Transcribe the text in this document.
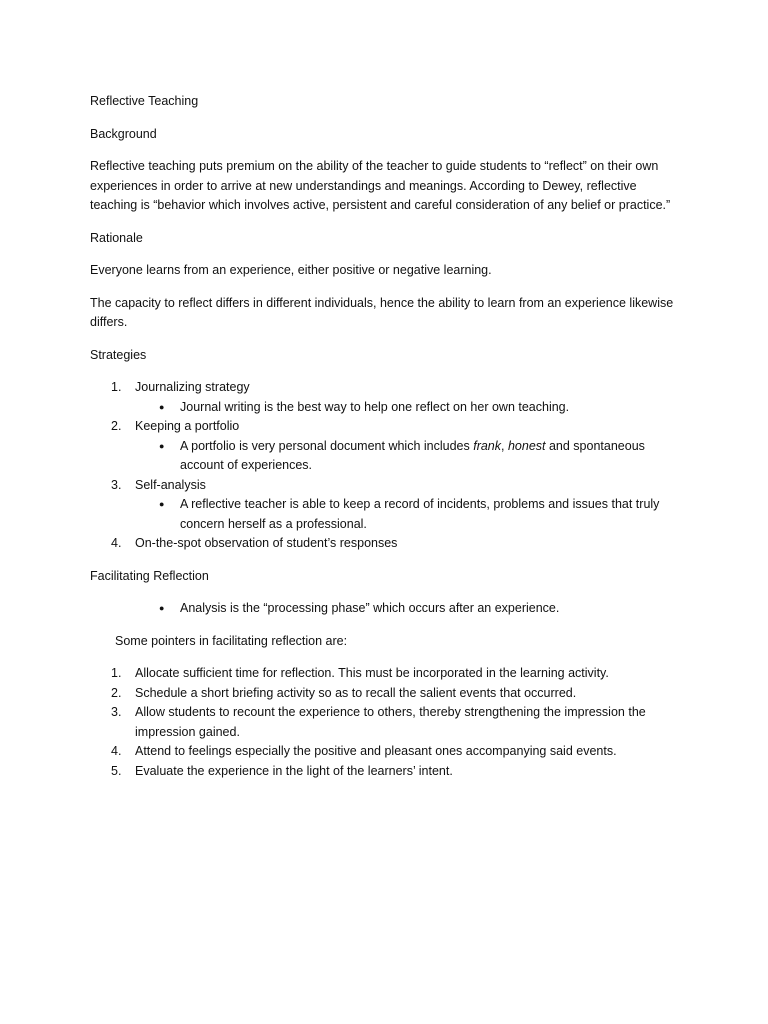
Reflective Teaching
Background

Reflective teaching puts premium on the ability of the teacher to guide students to “reflect” on their own experiences in order to arrive at new understandings and meanings. According to Dewey, reflective teaching is “behavior which involves active, persistent and careful consideration of any belief or practice.”

Rationale

Everyone learns from an experience, either positive or negative learning.

The capacity to reflect differs in different individuals, hence the ability to learn from an experience likewise differs.

Strategies
1. Journalizing strategy
● Journal writing is the best way to help one reflect on her own teaching.
2. Keeping a portfolio
● A portfolio is very personal document which includes frank, honest and spontaneous account of experiences.
3. Self-analysis
● A reflective teacher is able to keep a record of incidents, problems and issues that truly concern herself as a professional.
4. On-the-spot observation of student’s responses
Facilitating Reflection
● Analysis is the “processing phase” which occurs after an experience.
Some pointers in facilitating reflection are:
1. Allocate sufficient time for reflection. This must be incorporated in the learning activity.
2. Schedule a short briefing activity so as to recall the salient events that occurred.
3. Allow students to recount the experience to others, thereby strengthening the impression the impression gained.
4. Attend to feelings especially the positive and pleasant ones accompanying said events.
5. Evaluate the experience in the light of the learners’ intent.
